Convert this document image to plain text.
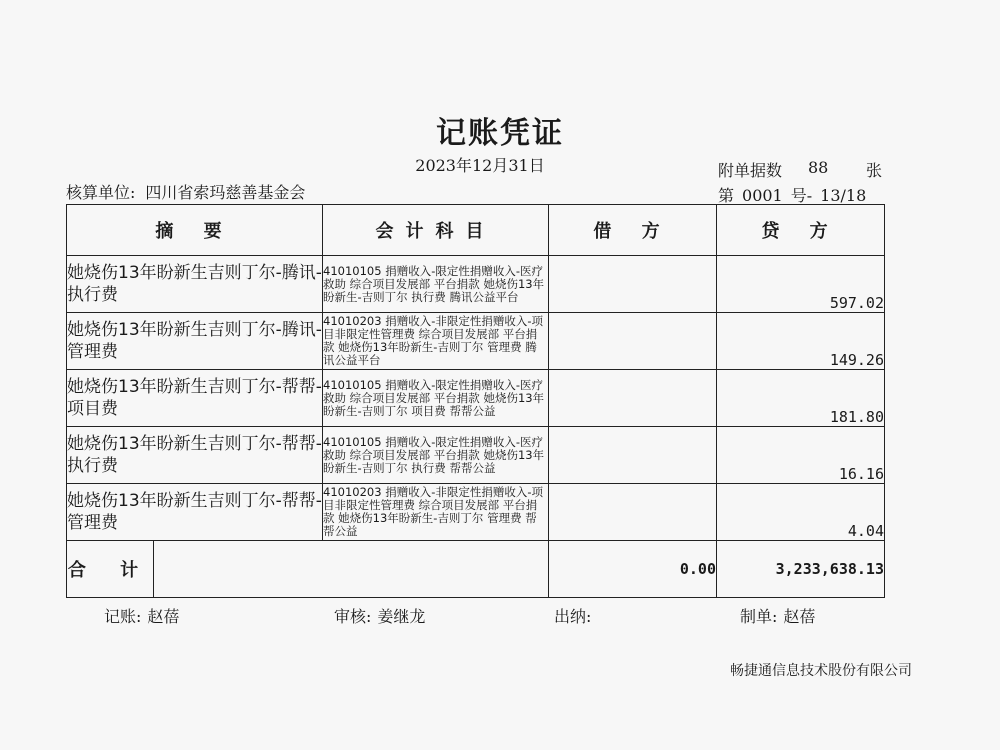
记账凭证
2023年12月31日	附单据数 88 张
核算单位: 四川省索玛慈善基金会	第 0001 号- 13/18
摘 要	会计科目	借 方	贷 方
她烧伤13年盼新生吉则丁尔-腾讯-执行费	41010105 捐赠收入-限定性捐赠收入-医疗救助 综合项目发展部 平台捐款 她烧伤13年盼新生-吉则丁尔 执行费 腾讯公益平台		597.02
她烧伤13年盼新生吉则丁尔-腾讯-管理费	41010203 捐赠收入-非限定性捐赠收入-项目非限定性管理费 综合项目发展部 平台捐款 她烧伤13年盼新生-吉则丁尔 管理费 腾讯公益平台		149.26
她烧伤13年盼新生吉则丁尔-帮帮-项目费	41010105 捐赠收入-限定性捐赠收入-医疗救助 综合项目发展部 平台捐款 她烧伤13年盼新生-吉则丁尔 项目费 帮帮公益		181.80
她烧伤13年盼新生吉则丁尔-帮帮-执行费	41010105 捐赠收入-限定性捐赠收入-医疗救助 综合项目发展部 平台捐款 她烧伤13年盼新生-吉则丁尔 执行费 帮帮公益		16.16
她烧伤13年盼新生吉则丁尔-帮帮-管理费	41010203 捐赠收入-非限定性捐赠收入-项目非限定性管理费 综合项目发展部 平台捐款 她烧伤13年盼新生-吉则丁尔 管理费 帮帮公益		4.04

合 计		0.00	3,233,638.13
记账: 赵蓓	审核: 姜继龙	出纳:	制单: 赵蓓
畅捷通信息技术股份有限公司
